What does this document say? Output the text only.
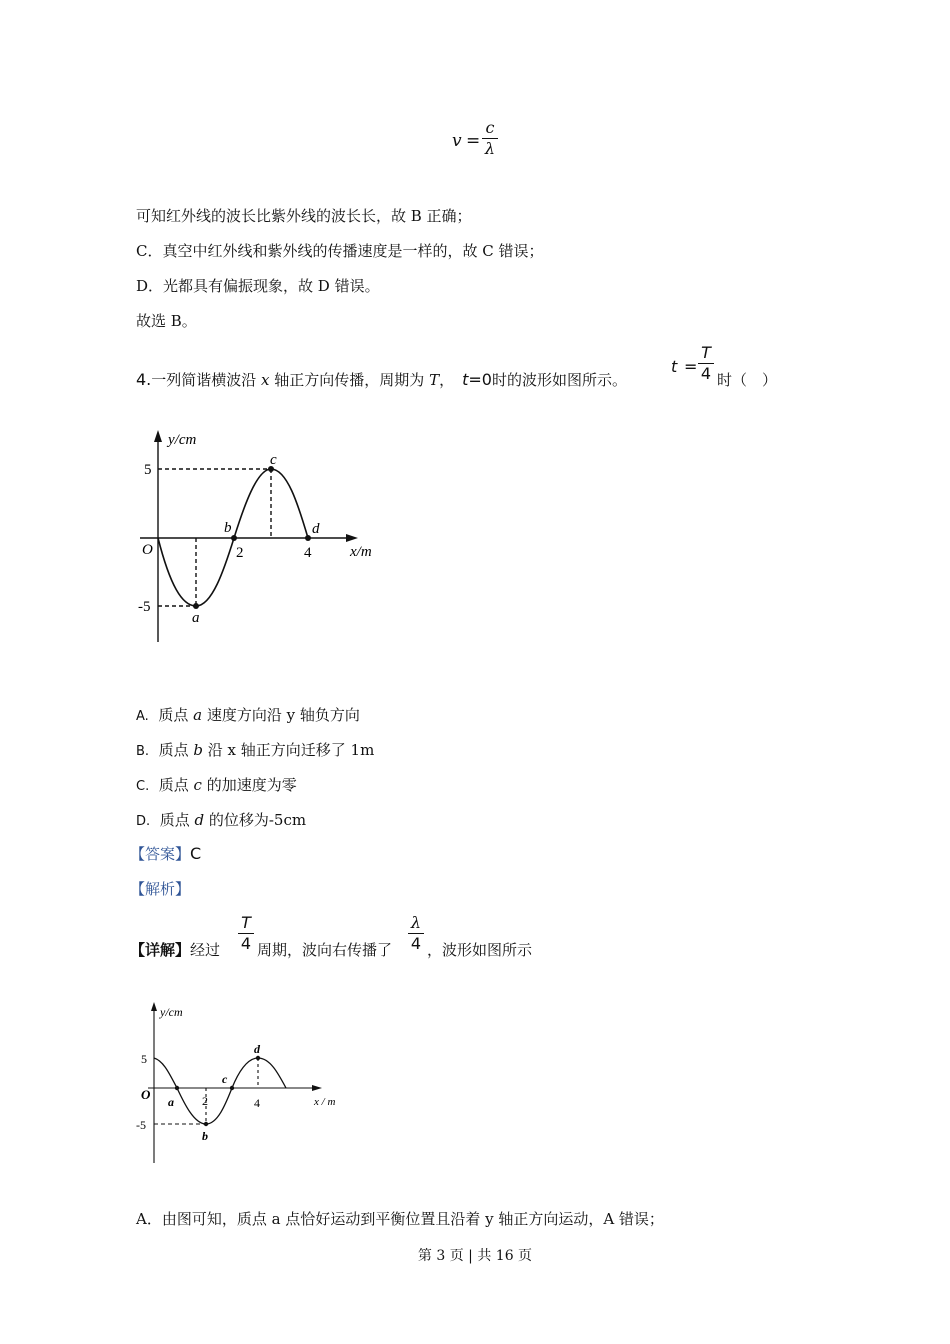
v =
c
λ
可知红外线的波长比紫外线的波长长，故 B 正确；
C．真空中红外线和紫外线的传播速度是一样的，故 C 错误；
D．光都具有偏振现象，故 D 错误。
故选 B。
4.一列简谐横波沿 x 轴正方向传播，周期为 T， t=0时的波形如图所示。
t =
T
4 时（　）
y/cm
x/m
O
5
-5
2	4
a
b
c
d
A. 质点 a 速度方向沿 y 轴负方向
B. 质点 b 沿 x 轴正方向迁移了 1m
C. 质点 c 的加速度为零
D. 质点 d 的位移为-5cm
【答案】C
【解析】
【详解】经过
T
4 周期，波向右传播了
λ
4 ，波形如图所示
y/cm
x / m
O
5
-5
2	4
a
b
c
d
A．由图可知，质点 a 点恰好运动到平衡位置且沿着 y 轴正方向运动，A 错误；
第 3 页 | 共 16 页
